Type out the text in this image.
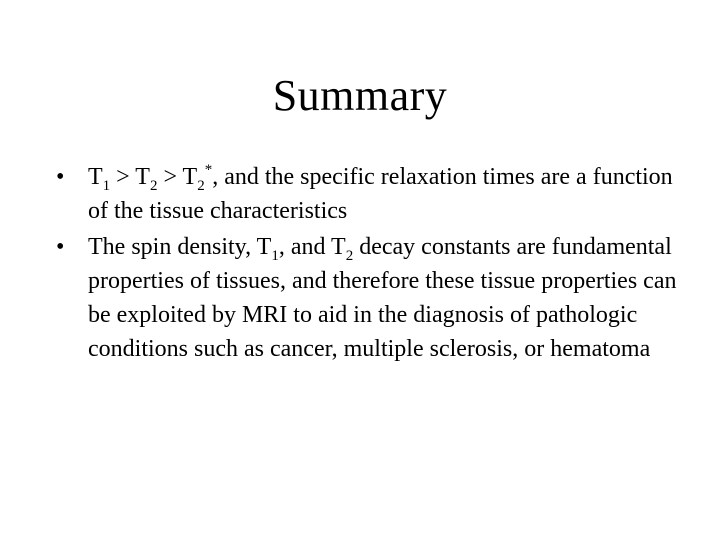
Summary
• $T_1 > T_2 > T_2^*$, and the specific relaxation times are a function of the tissue characteristics
• The spin density, $T_1$, and $T_2$ decay constants are fundamental properties of tissues, and therefore these tissue properties can be exploited by MRI to aid in the diagnosis of pathologic conditions such as cancer, multiple sclerosis, or hematoma
